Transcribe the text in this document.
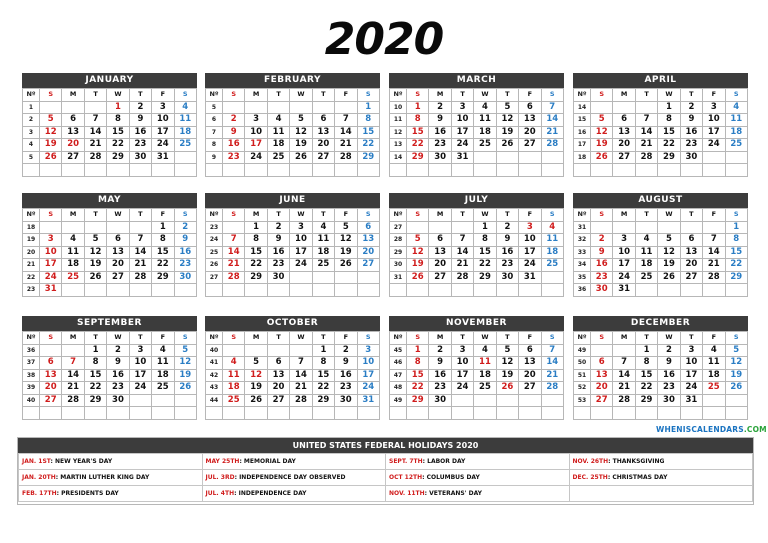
2020
JANUARY
Nº	S	M	T	W	T	F	S
1				1	2	3	4
2	5	6	7	8	9	10	11
3	12	13	14	15	16	17	18
4	19	20	21	22	23	24	25
5	26	27	28	29	30	31	

FEBRUARY
Nº	S	M	T	W	T	F	S
5							1
6	2	3	4	5	6	7	8
7	9	10	11	12	13	14	15
8	16	17	18	19	20	21	22
9	23	24	25	26	27	28	29

MARCH
Nº	S	M	T	W	T	F	S
10	1	2	3	4	5	6	7
11	8	9	10	11	12	13	14
12	15	16	17	18	19	20	21
13	22	23	24	25	26	27	28
14	29	30	31				

APRIL
Nº	S	M	T	W	T	F	S
14				1	2	3	4
15	5	6	7	8	9	10	11
16	12	13	14	15	16	17	18
17	19	20	21	22	23	24	25
18	26	27	28	29	30		

MAY
Nº	S	M	T	W	T	F	S
18						1	2
19	3	4	5	6	7	8	9
20	10	11	12	13	14	15	16
21	17	18	19	20	21	22	23
22	24	25	26	27	28	29	30
23	31						
JUNE
Nº	S	M	T	W	T	F	S
23		1	2	3	4	5	6
24	7	8	9	10	11	12	13
25	14	15	16	17	18	19	20
26	21	22	23	24	25	26	27
27	28	29	30				

JULY
Nº	S	M	T	W	T	F	S
27				1	2	3	4
28	5	6	7	8	9	10	11
29	12	13	14	15	16	17	18
30	19	20	21	22	23	24	25
31	26	27	28	29	30	31	

AUGUST
Nº	S	M	T	W	T	F	S
31							1
32	2	3	4	5	6	7	8
33	9	10	11	12	13	14	15
34	16	17	18	19	20	21	22
35	23	24	25	26	27	28	29
36	30	31					
SEPTEMBER
Nº	S	M	T	W	T	F	S
36			1	2	3	4	5
37	6	7	8	9	10	11	12
38	13	14	15	16	17	18	19
39	20	21	22	23	24	25	26
40	27	28	29	30			

OCTOBER
Nº	S	M	T	W	T	F	S
40					1	2	3
41	4	5	6	7	8	9	10
42	11	12	13	14	15	16	17
43	18	19	20	21	22	23	24
44	25	26	27	28	29	30	31

NOVEMBER
Nº	S	M	T	W	T	F	S
45	1	2	3	4	5	6	7
46	8	9	10	11	12	13	14
47	15	16	17	18	19	20	21
48	22	23	24	25	26	27	28
49	29	30					

DECEMBER
Nº	S	M	T	W	T	F	S
49			1	2	3	4	5
50	6	7	8	9	10	11	12
51	13	14	15	16	17	18	19
52	20	21	22	23	24	25	26
53	27	28	29	30	31		

WHENISCALENDARS.COM
UNITED STATES FEDERAL HOLIDAYS 2020
JAN. 1ST: NEW YEAR'S DAY	MAY 25TH: MEMORIAL DAY	SEPT. 7TH: LABOR DAY	NOV. 26TH: THANKSGIVING
JAN. 20TH: MARTIN LUTHER KING DAY	JUL. 3RD: INDEPENDENCE DAY OBSERVED	OCT 12TH: COLUMBUS DAY	DEC. 25TH: CHRISTMAS DAY
FEB. 17TH: PRESIDENTS DAY	JUL. 4TH: INDEPENDENCE DAY	NOV. 11TH: VETERANS' DAY	
